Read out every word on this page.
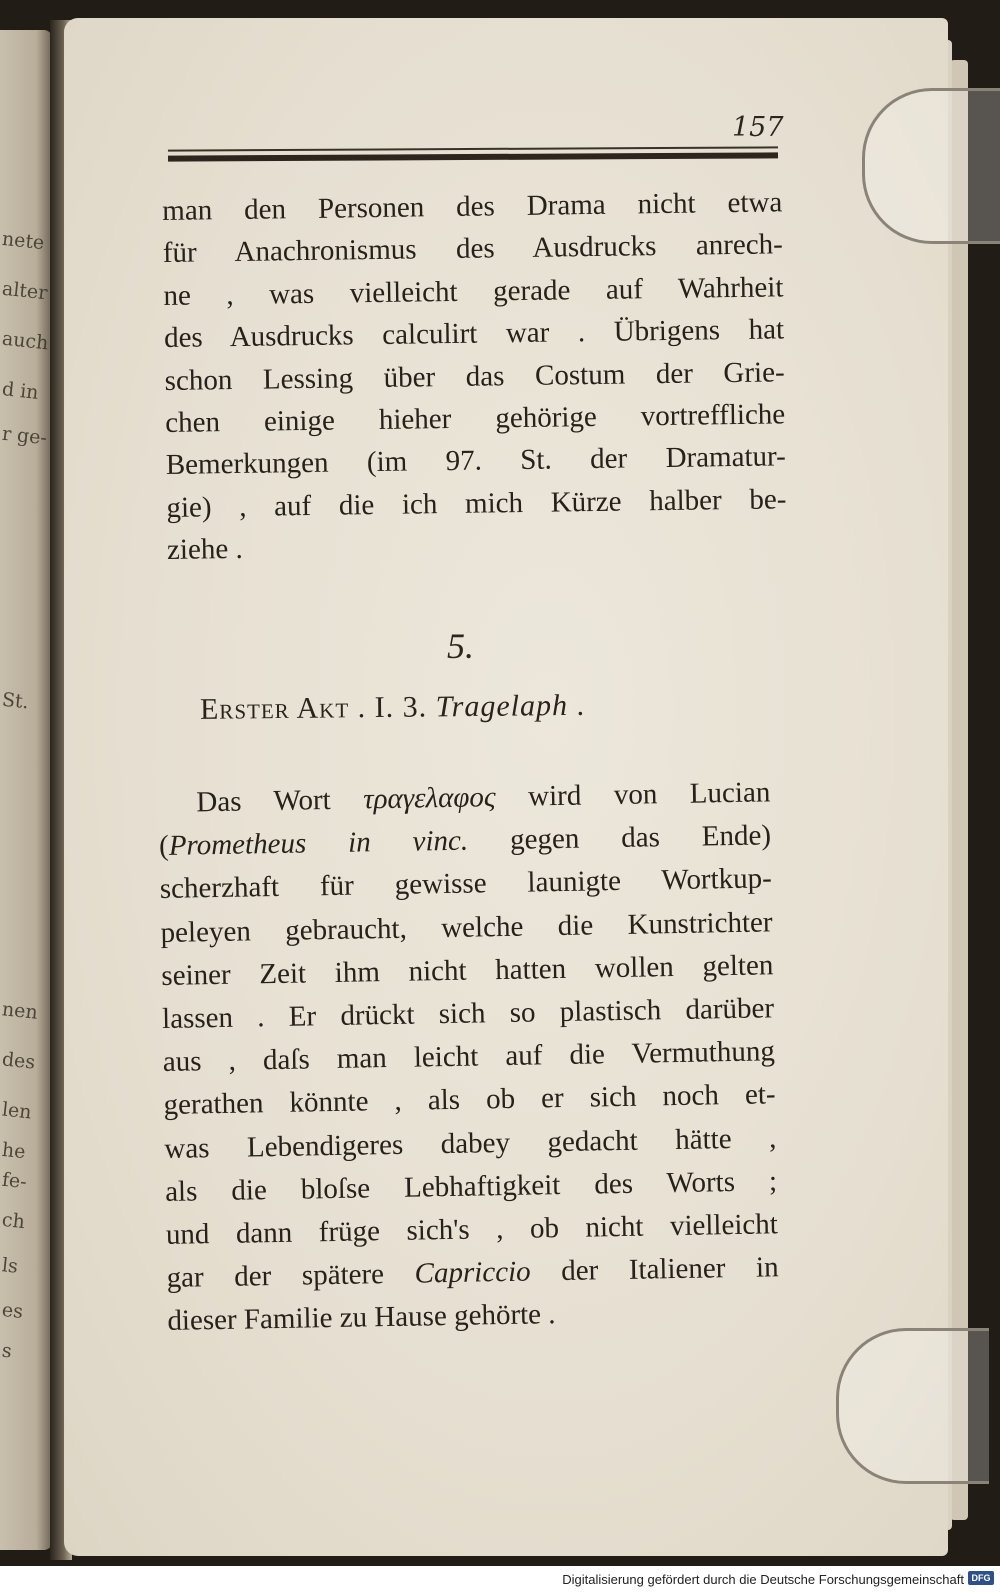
nete
alter
auch
d in
r ge-
St.
nen
des
len
he
fe-
ch
ls
es
s
157
man den Personen des Drama nicht etwa
für Anachronismus des Ausdrucks anrech-
ne , was vielleicht gerade auf Wahrheit
des Ausdrucks calculirt war . Übrigens hat
schon Lessing über das Costum der Grie-
chen einige hieher gehörige vortreffliche
Bemerkungen (im 97. St. der Dramatur-
gie) , auf die ich mich Kürze halber be-
ziehe .
5.
Erster Akt . I. 3. Tragelaph .
Das Wort τραγελαφος wird von Lucian
(Prometheus in vinc. gegen das Ende)
scherzhaft für gewisse launigte Wortkup-
peleyen gebraucht, welche die Kunstrichter
seiner Zeit ihm nicht hatten wollen gelten
lassen . Er drückt sich so plastisch darüber
aus , daſs man leicht auf die Vermuthung
gerathen könnte , als ob er sich noch et-
was Lebendigeres dabey gedacht hätte ,
als die bloſse Lebhaftigkeit des Worts ;
und dann früge sich's , ob nicht vielleicht
gar der spätere Capriccio der Italiener in
dieser Familie zu Hause gehörte .
Digitalisierung gefördert durch die Deutsche Forschungsgemeinschaft DFG
